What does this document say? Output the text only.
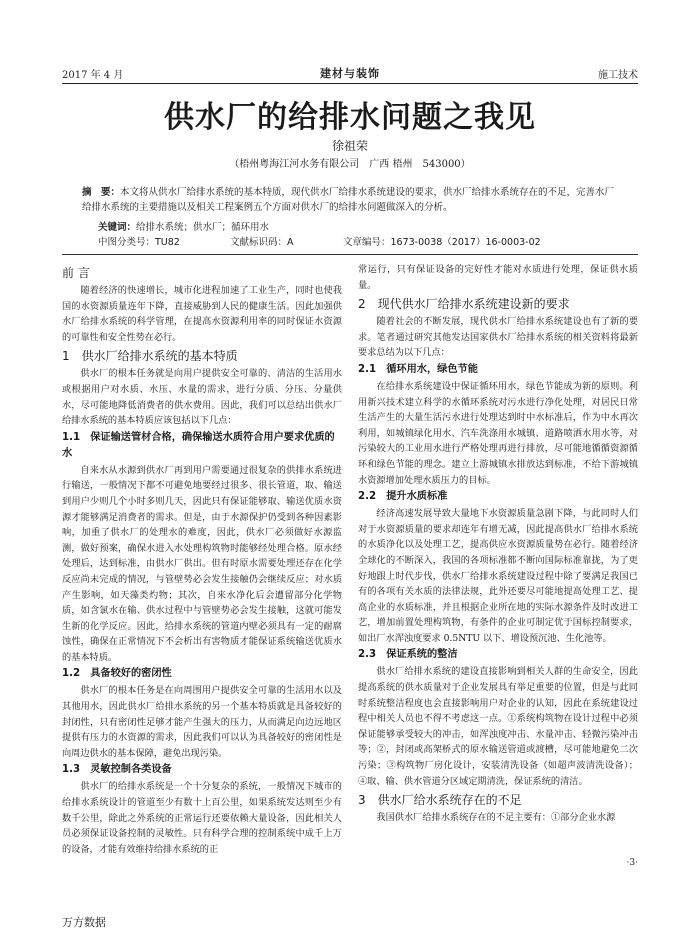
2017 年 4 月	建材与装饰	施工技术
供水厂的给排水问题之我见
徐祖荣
（梧州粤海江河水务有限公司　广西 梧州　543000）
摘　要：本文将从供水厂给排水系统的基本特质，现代供水厂给排水系统建设的要求，供水厂给排水系统存在的不足，完善水厂给排水系统的主要措施以及相关工程案例五个方面对供水厂的给排水问题做深入的分析。
关键词：给排水系统；供水厂；循环用水
中图分类号：TU82	文献标识码：A	文章编号：1673-0038（2017）16-0003-02
前 言

随着经济的快速增长，城市化进程加速了工业生产，同时也使我国的水资源质量连年下降，直接威胁到人民的健康生活。因此加强供水厂给排水系统的科学管理，在提高水资源利用率的同时保证水资源的可靠性和安全性势在必行。

1　供水厂给排水系统的基本特质

供水厂的根本任务就是向用户提供安全可靠的、清洁的生活用水或根据用户对水质、水压、水量的需求，进行分质、分压、分量供水，尽可能地降低消费者的供水费用。因此，我们可以总结出供水厂给排水系统的基本特质应该包括以下几点：

1.1　保证输送管材合格，确保输送水质符合用户要求优质的水

自来水从水源到供水厂再到用户需要通过很复杂的供排水系统进行输送，一般情况下都不可避免地要经过很多、很长管道，取、输送到用户少则几个小时多则几天，因此只有保证能够取、输送优质水资源才能够满足消费者的需求。但是，由于水源保护仍受到各种因素影响，加重了供水厂的处理水的难度，因此，供水厂必须做好水源监测，做好预案，确保水进入水处理构筑物时能够经处理合格。原水经处理后，达到标准，由供水厂供出。但有时原水需要处理还存在化学反应尚未完成的情况，与管壁势必会发生接触仍会继续反应；对水质产生影响，如天藻类灼物；其次，自来水净化后会遭留部分化学物质，如含氯水在输、供水过程中与管壁势必会发生接触，这就可能发生新的化学反应。因此，给排水系统的管道内壁必须具有一定的耐腐蚀性，确保在正常情况下不会析出有害物质才能保证系统输送优质水的基本特质。

1.2　具备较好的密闭性

供水厂的根本任务是在向周围用户提供安全可靠的生活用水以及其他用水，因此供水厂给排水系统的另一个基本特质就是具备较好的封闭性，只有密闭性足够才能产生强大的压力，从而满足向边远地区提供有压力的水资源的需求，因此我们可以认为具备较好的密闭性是向周边供水的基本保障，避免出现污染。

1.3　灵敏控制各类设备

供水厂的给排水系统是一个十分复杂的系统，一般情况下城市的给排水系统设计的管道至少有数十上百公里，如果系统发达则至少有数千公里，除此之外系统的正常运行还要依赖大量设备，因此相关人员必须保证设备控制的灵敏性。只有科学合理的控制系统中成千上万的设备，才能有效维持给排水系统的正

常运行，只有保证设备的完好性才能对水质进行处理，保证供水质量。

2　现代供水厂给排水系统建设新的要求

随着社会的不断发展，现代供水厂给排水系统建设也有了新的要求。笔者通过研究其他发达国家供水厂给排水系统的相关资料将最新要求总结为以下几点：

2.1　循环用水，绿色节能

在给排水系统建设中保证循环用水，绿色节能成为新的原则。利用新兴技术建立科学的水循环系统对污水进行净化处理，对居民日常生活产生的大量生活污水进行处理达到时中水标准后，作为中水再次利用，如城镇绿化用水、汽车洗涤用水城镇、道路喷洒水用水等，对污染较大的工业用水进行严格处理再进行排放，尽可能地循循资源循环和绿色节能的理念。建立上游城镇水排放达到标准，不给下游城镇水资源增加处理水质压力的目标。

2.2　提升水质标准

经济高速发展导致大量地下水资源质量急剧下降，与此同时人们对于水资源质量的要求却连年有增无减，因此提高供水厂给排水系统的水质净化以及处理工艺，提高供应水资源质量势在必行。随着经济全球化的不断深入，我国的各项标准都不断向国际标准靠拢，为了更好地跟上时代步伐，供水厂给排水系统建设过程中除了要满足我国已有的各项有关水质的法律法规，此外还要尽可能地提高处理工艺、提高企业的水质标准，并且根据企业所在地的实际水源条件及时改进工艺，增加前置处理构筑物，有条件的企业可制定优于国标控制要求，如出厂水浑浊度要求 0.5NTU 以下、增设预沉池、生化池等。

2.3　保证系统的整洁

供水厂给排水系统的建设直接影响到相关人群的生命安全，因此提高系统的供水质量对于企业发展具有举足重要的位置，但是与此同时系统整洁程度也会直接影响用户对企业的认知，因此在系统建设过程中相关人员也不得不考虑这一点。①系统构筑物在设计过程中必须保证能够承受较大的冲击，如浑浊度冲击、水量冲击、轻微污染冲击等；②，封闭或高架桥式的原水输送管道或渡槽，尽可能地避免二次污染；③构筑物厂房化设计，安装清洗设备（如超声波清洗设备）；④取、输、供水管道分区域定期清洗，保证系统的清洁。

3　供水厂给水系统存在的不足

我国供水厂给排水系统存在的不足主要有：①部分企业水源

·3·
万方数据
